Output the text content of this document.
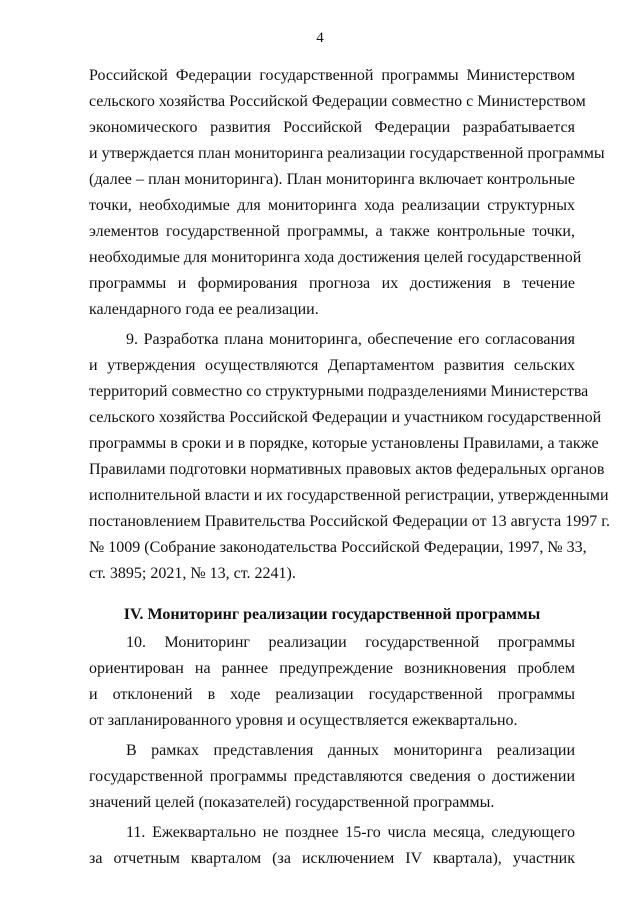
4
Российской Федерации государственной программы Министерством
сельского хозяйства Российской Федерации совместно с Министерством
экономического развития Российской Федерации разрабатывается
и утверждается план мониторинга реализации государственной программы
(далее – план мониторинга). План мониторинга включает контрольные
точки, необходимые для мониторинга хода реализации структурных
элементов государственной программы, а также контрольные точки,
необходимые для мониторинга хода достижения целей государственной
программы и формирования прогноза их достижения в течение
календарного года ее реализации.
9. Разработка плана мониторинга, обеспечение его согласования
и утверждения осуществляются Департаментом развития сельских
территорий совместно со структурными подразделениями Министерства
сельского хозяйства Российской Федерации и участником государственной
программы в сроки и в порядке, которые установлены Правилами, а также
Правилами подготовки нормативных правовых актов федеральных органов
исполнительной власти и их государственной регистрации, утвержденными
постановлением Правительства Российской Федерации от 13 августа 1997 г.
№ 1009 (Собрание законодательства Российской Федерации, 1997, № 33,
ст. 3895; 2021, № 13, ст. 2241).
IV. Мониторинг реализации государственной программы
10. Мониторинг реализации государственной программы
ориентирован на раннее предупреждение возникновения проблем
и отклонений в ходе реализации государственной программы
от запланированного уровня и осуществляется ежеквартально.
В рамках представления данных мониторинга реализации
государственной программы представляются сведения о достижении
значений целей (показателей) государственной программы.
11. Ежеквартально не позднее 15-го числа месяца, следующего
за отчетным кварталом (за исключением IV квартала), участник
